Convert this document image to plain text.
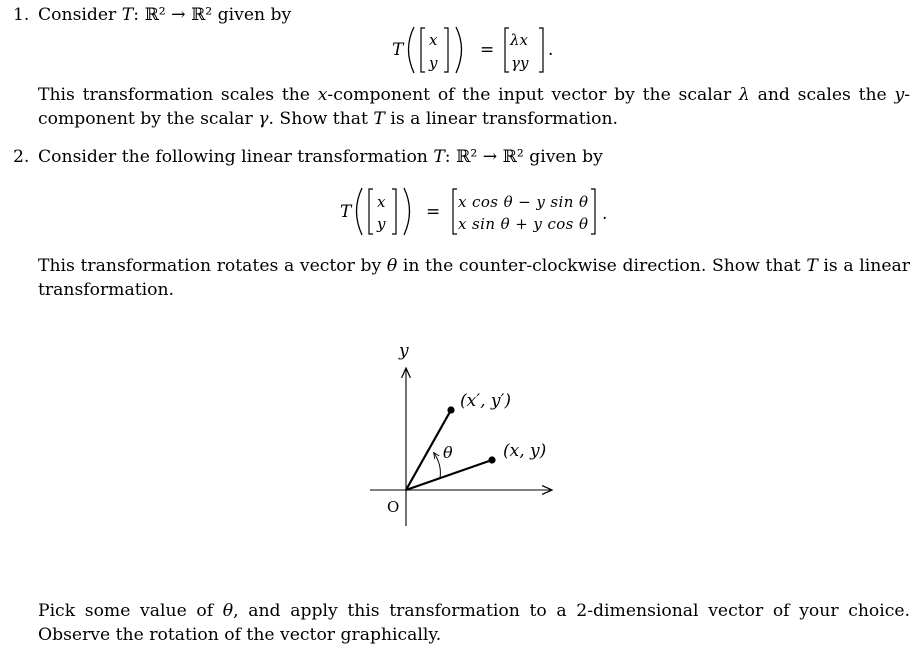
1. Consider T: ℝ² → ℝ² given by
T x
y
= λx
γy
.
This transformation scales the x-component of the input vector by the scalar λ and scales the y-component by the scalar γ. Show that T is a linear transformation.
2. Consider the following linear transformation T: ℝ² → ℝ² given by
T x
y
= x cos θ − y sin θ
x sin θ + y cos θ .
This transformation rotates a vector by θ in the counter-clockwise direction. Show that T is a linear transformation.
y
O
θ
(x′, y′)
(x, y)
Pick some value of θ, and apply this transformation to a 2-dimensional vector of your choice. Observe the rotation of the vector graphically.
